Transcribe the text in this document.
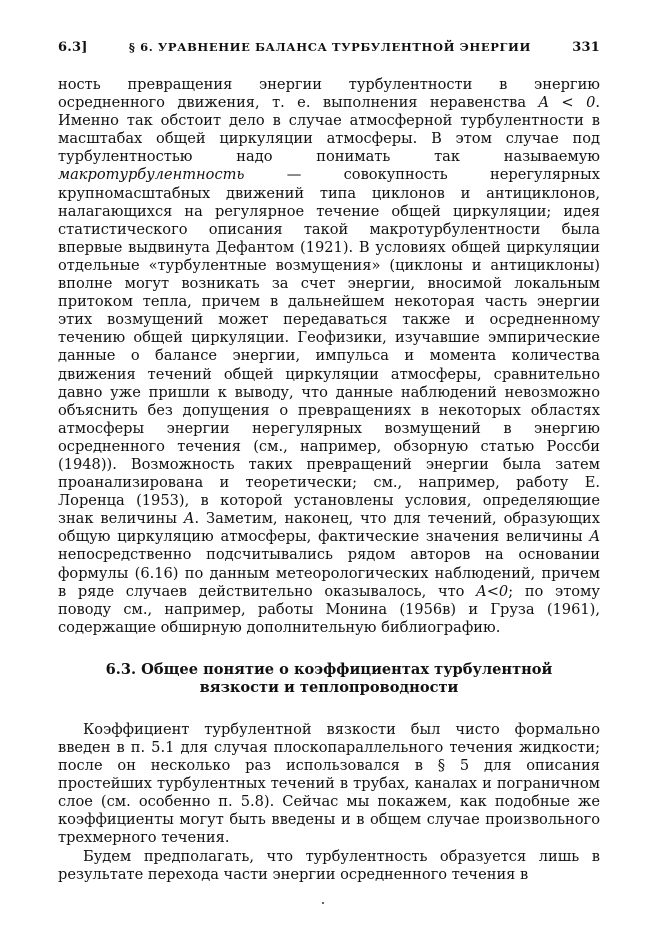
6.3]	§ 6. УРАВНЕНИЕ БАЛАНСА ТУРБУЛЕНТНОЙ ЭНЕРГИИ	331

ность превращения энергии турбулентности в энергию осредненного движения, т. е. выполнения неравенства A < 0. Именно так обстоит дело в случае атмосферной турбулентности в масштабах общей циркуляции атмосферы. В этом случае под турбулентностью надо понимать так называемую макротурбулентность — совокупность нерегулярных крупномасштабных движений типа циклонов и антициклонов, налагающихся на регулярное течение общей циркуляции; идея статистического описания такой макротурбулентности была впервые выдвинута Дефантом (1921). В условиях общей циркуляции отдельные «турбулентные возмущения» (циклоны и антициклоны) вполне могут возникать за счет энергии, вносимой локальным притоком тепла, причем в дальнейшем некоторая часть энергии этих возмущений может передаваться также и осредненному течению общей циркуляции. Геофизики, изучавшие эмпирические данные о балансе энергии, импульса и момента количества движения течений общей циркуляции атмосферы, сравнительно давно уже пришли к выводу, что данные наблюдений невозможно объяснить без допущения о превращениях в некоторых областях атмосферы энергии нерегулярных возмущений в энергию осредненного течения (см., например, обзорную статью Россби (1948)). Возможность таких превращений энергии была затем проанализирована и теоретически; см., например, работу Е. Лоренца (1953), в которой установлены условия, определяющие знак величины A. Заметим, наконец, что для течений, образующих общую циркуляцию атмосферы, фактические значения величины A непосредственно подсчитывались рядом авторов на основании формулы (6.16) по данным метеорологических наблюдений, причем в ряде случаев действительно оказывалось, что A<0; по этому поводу см., например, работы Монина (1956в) и Груза (1961), содержащие обширную дополнительную библиографию.

6.3. Общее понятие о коэффициентах турбулентной
вязкости и теплопроводности

Коэффициент турбулентной вязкости был чисто формально введен в п. 5.1 для случая плоскопараллельного течения жидкости; после он несколько раз использовался в § 5 для описания простейших турбулентных течений в трубах, каналах и пограничном слое (см. особенно п. 5.8). Сейчас мы покажем, как подобные же коэффициенты могут быть введены и в общем случае произвольного трехмерного течения.

Будем предполагать, что турбулентность образуется лишь в результате перехода части энергии осредненного течения в
